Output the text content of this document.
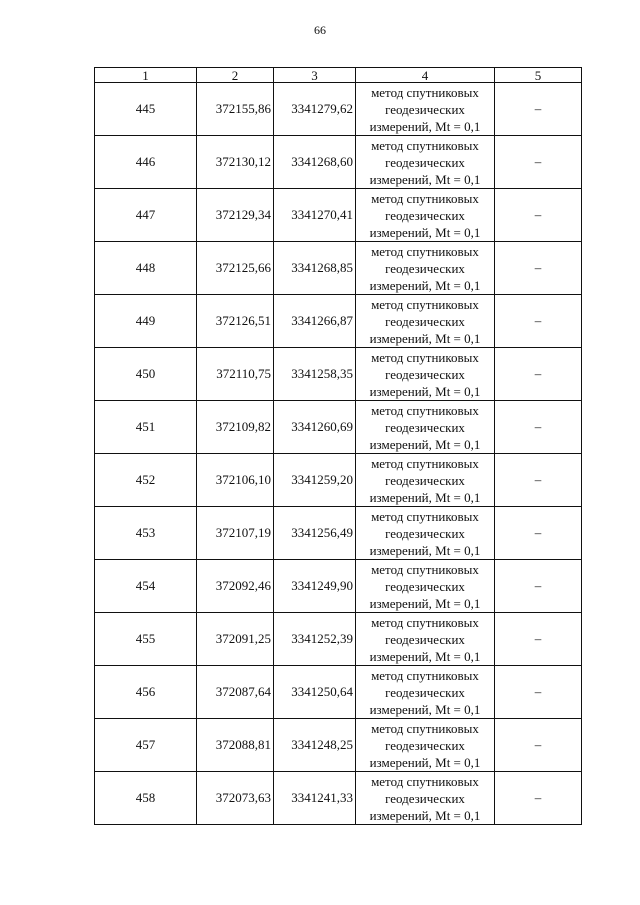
66
1	2	3	4	5
445	372155,86	3341279,62	метод спутниковых
геодезических
измерений, Mt = 0,1	–
446	372130,12	3341268,60	метод спутниковых
геодезических
измерений, Mt = 0,1	–
447	372129,34	3341270,41	метод спутниковых
геодезических
измерений, Mt = 0,1	–
448	372125,66	3341268,85	метод спутниковых
геодезических
измерений, Mt = 0,1	–
449	372126,51	3341266,87	метод спутниковых
геодезических
измерений, Mt = 0,1	–
450	372110,75	3341258,35	метод спутниковых
геодезических
измерений, Mt = 0,1	–
451	372109,82	3341260,69	метод спутниковых
геодезических
измерений, Mt = 0,1	–
452	372106,10	3341259,20	метод спутниковых
геодезических
измерений, Mt = 0,1	–
453	372107,19	3341256,49	метод спутниковых
геодезических
измерений, Mt = 0,1	–
454	372092,46	3341249,90	метод спутниковых
геодезических
измерений, Mt = 0,1	–
455	372091,25	3341252,39	метод спутниковых
геодезических
измерений, Mt = 0,1	–
456	372087,64	3341250,64	метод спутниковых
геодезических
измерений, Mt = 0,1	–
457	372088,81	3341248,25	метод спутниковых
геодезических
измерений, Mt = 0,1	–
458	372073,63	3341241,33	метод спутниковых
геодезических
измерений, Mt = 0,1	–
